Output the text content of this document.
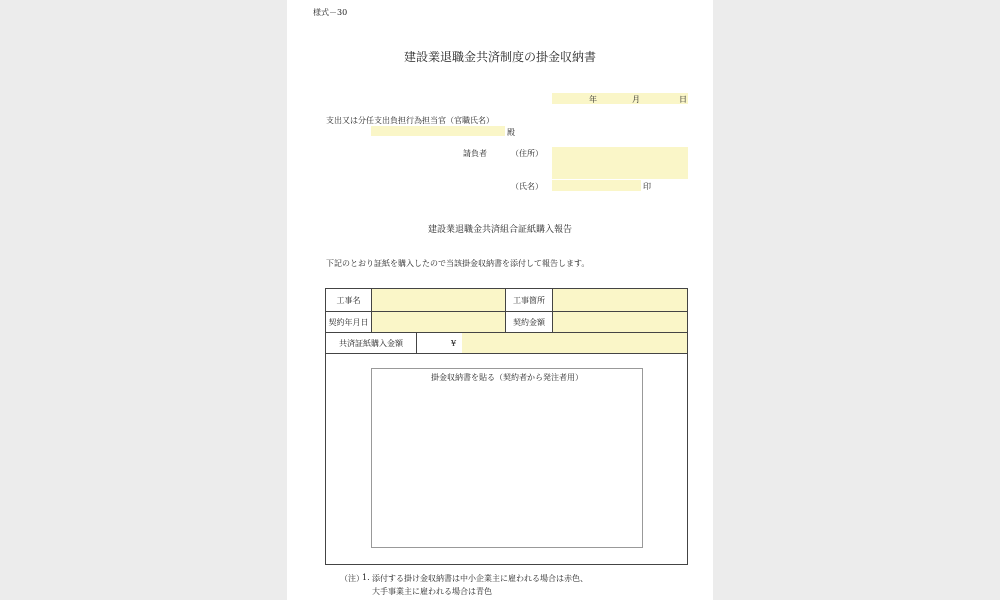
様式－30
建設業退職金共済制度の掛金収納書
年	月	日
支出又は分任支出負担行為担当官（官職氏名）
殿
請負者	（住所）
（氏名）	印
建設業退職金共済組合証紙購入報告
下記のとおり証紙を購入したので当該掛金収納書を添付して報告します。
工事名	工事箇所
契約年月日	契約金額
共済証紙購入金額	¥
掛金収納書を貼る（契約者から発注者用）
（注）
1. 添付する掛け金収納書は中小企業主に雇われる場合は赤色、
大手事業主に雇われる場合は青色
